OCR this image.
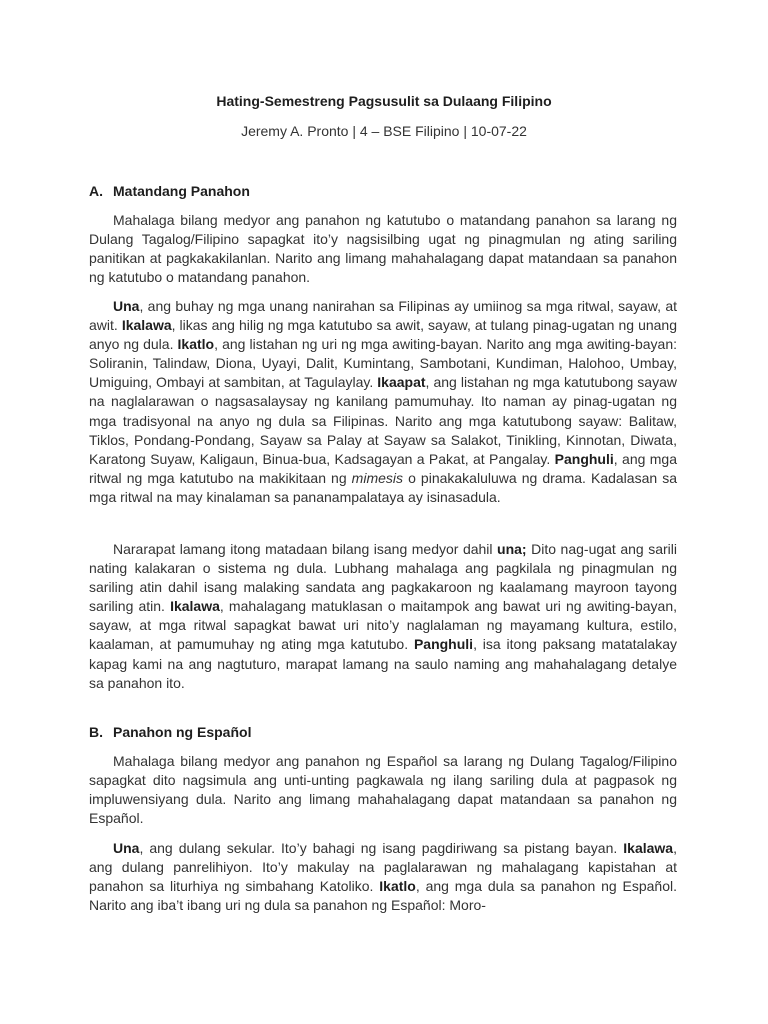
Hating-Semestreng Pagsusulit sa Dulaang Filipino
Jeremy A. Pronto | 4 – BSE Filipino | 10-07-22
A. Matandang Panahon

Mahalaga bilang medyor ang panahon ng katutubo o matandang panahon sa larang ng Dulang Tagalog/Filipino sapagkat ito’y nagsisilbing ugat ng pinagmulan ng ating sariling panitikan at pagkakakilanlan. Narito ang limang mahahalagang dapat matandaan sa panahon ng katutubo o matandang panahon.

Una, ang buhay ng mga unang nanirahan sa Filipinas ay umiinog sa mga ritwal, sayaw, at awit. Ikalawa, likas ang hilig ng mga katutubo sa awit, sayaw, at tulang pinag-ugatan ng unang anyo ng dula. Ikatlo, ang listahan ng uri ng mga awiting-bayan. Narito ang mga awiting-bayan: Soliranin, Talindaw, Diona, Uyayi, Dalit, Kumintang, Sambotani, Kundiman, Halohoo, Umbay, Umiguing, Ombayi at sambitan, at Tagulaylay. Ikaapat, ang listahan ng mga katutubong sayaw na naglalarawan o nagsasalaysay ng kanilang pamumuhay. Ito naman ay pinag-ugatan ng mga tradisyonal na anyo ng dula sa Filipinas. Narito ang mga katutubong sayaw: Balitaw, Tiklos, Pondang-Pondang, Sayaw sa Palay at Sayaw sa Salakot, Tinikling, Kinnotan, Diwata, Karatong Suyaw, Kaligaun, Binua-bua, Kadsagayan a Pakat, at Pangalay. Panghuli, ang mga ritwal ng mga katutubo na makikitaan ng mimesis o pinakakaluluwa ng drama. Kadalasan sa mga ritwal na may kinalaman sa pananampalataya ay isinasadula.

Nararapat lamang itong matadaan bilang isang medyor dahil una; Dito nag-ugat ang sarili nating kalakaran o sistema ng dula. Lubhang mahalaga ang pagkilala ng pinagmulan ng sariling atin dahil isang malaking sandata ang pagkakaroon ng kaalamang mayroon tayong sariling atin. Ikalawa, mahalagang matuklasan o maitampok ang bawat uri ng awiting-bayan, sayaw, at mga ritwal sapagkat bawat uri nito’y naglalaman ng mayamang kultura, estilo, kaalaman, at pamumuhay ng ating mga katutubo. Panghuli, isa itong paksang matatalakay kapag kami na ang nagtuturo, marapat lamang na saulo naming ang mahahalagang detalye sa panahon ito.

B. Panahon ng Español

Mahalaga bilang medyor ang panahon ng Español sa larang ng Dulang Tagalog/Filipino sapagkat dito nagsimula ang unti-unting pagkawala ng ilang sariling dula at pagpasok ng impluwensiyang dula. Narito ang limang mahahalagang dapat matandaan sa panahon ng Español.

Una, ang dulang sekular. Ito’y bahagi ng isang pagdiriwang sa pistang bayan. Ikalawa, ang dulang panrelihiyon. Ito’y makulay na paglalarawan ng mahalagang kapistahan at panahon sa liturhiya ng simbahang Katoliko. Ikatlo, ang mga dula sa panahon ng Español. Narito ang iba’t ibang uri ng dula sa panahon ng Español: Moro-
